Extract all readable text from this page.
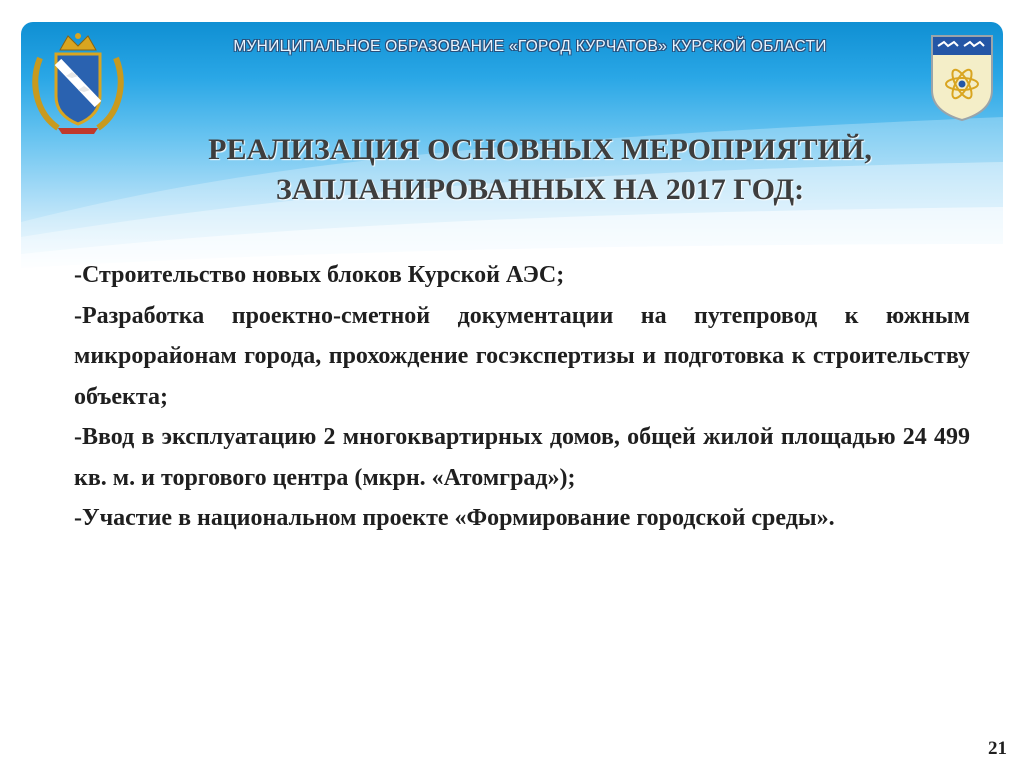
МУНИЦИПАЛЬНОЕ ОБРАЗОВАНИЕ «ГОРОД КУРЧАТОВ» КУРСКОЙ ОБЛАСТИ
РЕАЛИЗАЦИЯ ОСНОВНЫХ МЕРОПРИЯТИЙ,
ЗАПЛАНИРОВАННЫХ НА 2017 ГОД:

-Строительство новых блоков Курской АЭС;

-Разработка проектно-сметной документации на путепровод к южным микрорайонам города, прохождение госэкспертизы и подготовка к строительству объекта;

-Ввод в эксплуатацию 2 многоквартирных домов, общей жилой площадью 24 499 кв. м. и торгового центра (мкрн. «Атомград»);

-Участие в национальном проекте «Формирование городской среды».

21
